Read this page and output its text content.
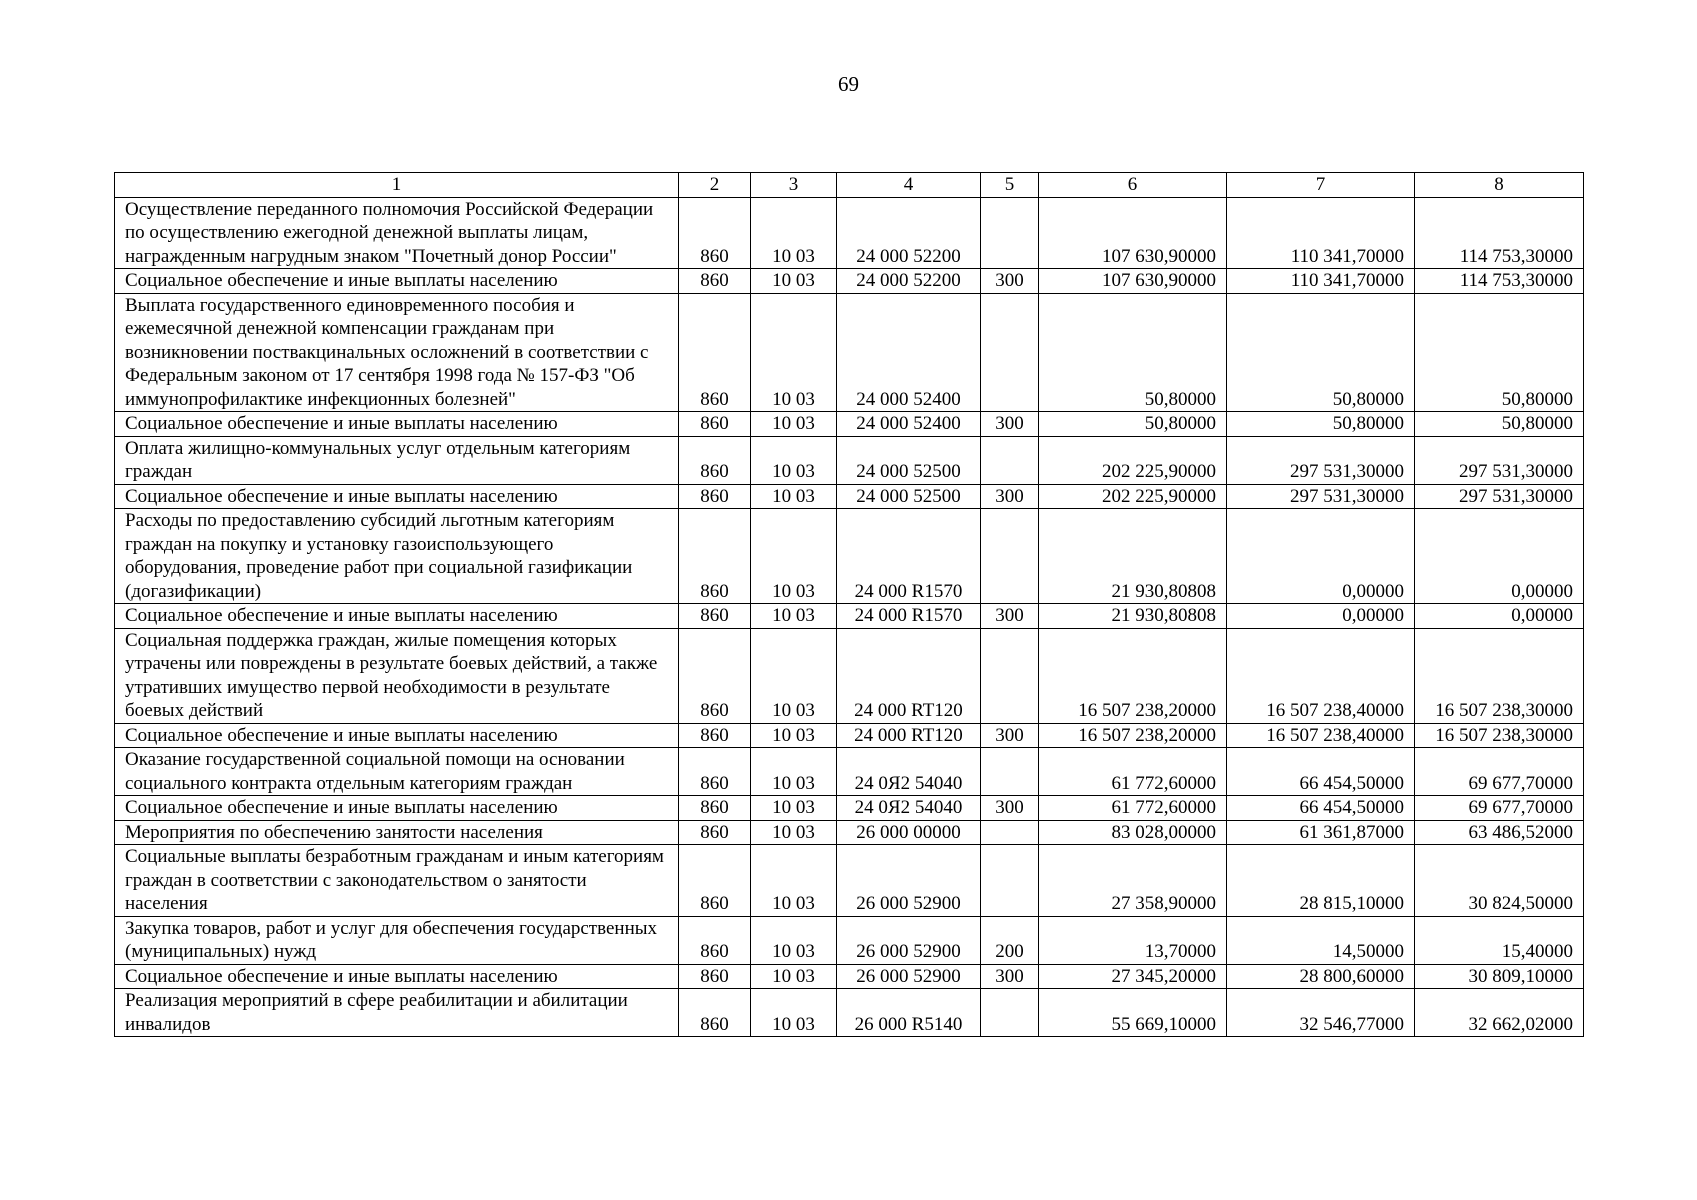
69
1	2	3	4	5	6	7	8
Осуществление переданного полномочия Российской Федерации по осуществлению ежегодной денежной выплаты лицам, награжденным нагрудным знаком "Почетный донор России"	860	10 03	24 000 52200		107 630,90000	110 341,70000	114 753,30000
Социальное обеспечение и иные выплаты населению	860	10 03	24 000 52200	300	107 630,90000	110 341,70000	114 753,30000
Выплата государственного единовременного пособия и ежемесячной денежной компенсации гражданам при возникновении поствакцинальных осложнений в соответствии с Федеральным законом от 17 сентября 1998 года № 157-ФЗ "Об иммунопрофилактике инфекционных болезней"	860	10 03	24 000 52400		50,80000	50,80000	50,80000
Социальное обеспечение и иные выплаты населению	860	10 03	24 000 52400	300	50,80000	50,80000	50,80000
Оплата жилищно-коммунальных услуг отдельным категориям граждан	860	10 03	24 000 52500		202 225,90000	297 531,30000	297 531,30000
Социальное обеспечение и иные выплаты населению	860	10 03	24 000 52500	300	202 225,90000	297 531,30000	297 531,30000
Расходы по предоставлению субсидий льготным категориям граждан на покупку и установку газоиспользующего оборудования, проведение работ при социальной газификации (догазификации)	860	10 03	24 000 R1570		21 930,80808	0,00000	0,00000
Социальное обеспечение и иные выплаты населению	860	10 03	24 000 R1570	300	21 930,80808	0,00000	0,00000
Социальная поддержка граждан, жилые помещения которых утрачены или повреждены в результате боевых действий, а также утративших имущество первой необходимости в результате боевых действий	860	10 03	24 000 RT120		16 507 238,20000	16 507 238,40000	16 507 238,30000
Социальное обеспечение и иные выплаты населению	860	10 03	24 000 RT120	300	16 507 238,20000	16 507 238,40000	16 507 238,30000
Оказание государственной социальной помощи на основании социального контракта отдельным категориям граждан	860	10 03	24 0Я2 54040		61 772,60000	66 454,50000	69 677,70000
Социальное обеспечение и иные выплаты населению	860	10 03	24 0Я2 54040	300	61 772,60000	66 454,50000	69 677,70000
Мероприятия по обеспечению занятости населения	860	10 03	26 000 00000		83 028,00000	61 361,87000	63 486,52000
Социальные выплаты безработным гражданам и иным категориям граждан в соответствии с законодательством о занятости населения	860	10 03	26 000 52900		27 358,90000	28 815,10000	30 824,50000
Закупка товаров, работ и услуг для обеспечения государственных (муниципальных) нужд	860	10 03	26 000 52900	200	13,70000	14,50000	15,40000
Социальное обеспечение и иные выплаты населению	860	10 03	26 000 52900	300	27 345,20000	28 800,60000	30 809,10000
Реализация мероприятий в сфере реабилитации и абилитации инвалидов	860	10 03	26 000 R5140		55 669,10000	32 546,77000	32 662,02000
